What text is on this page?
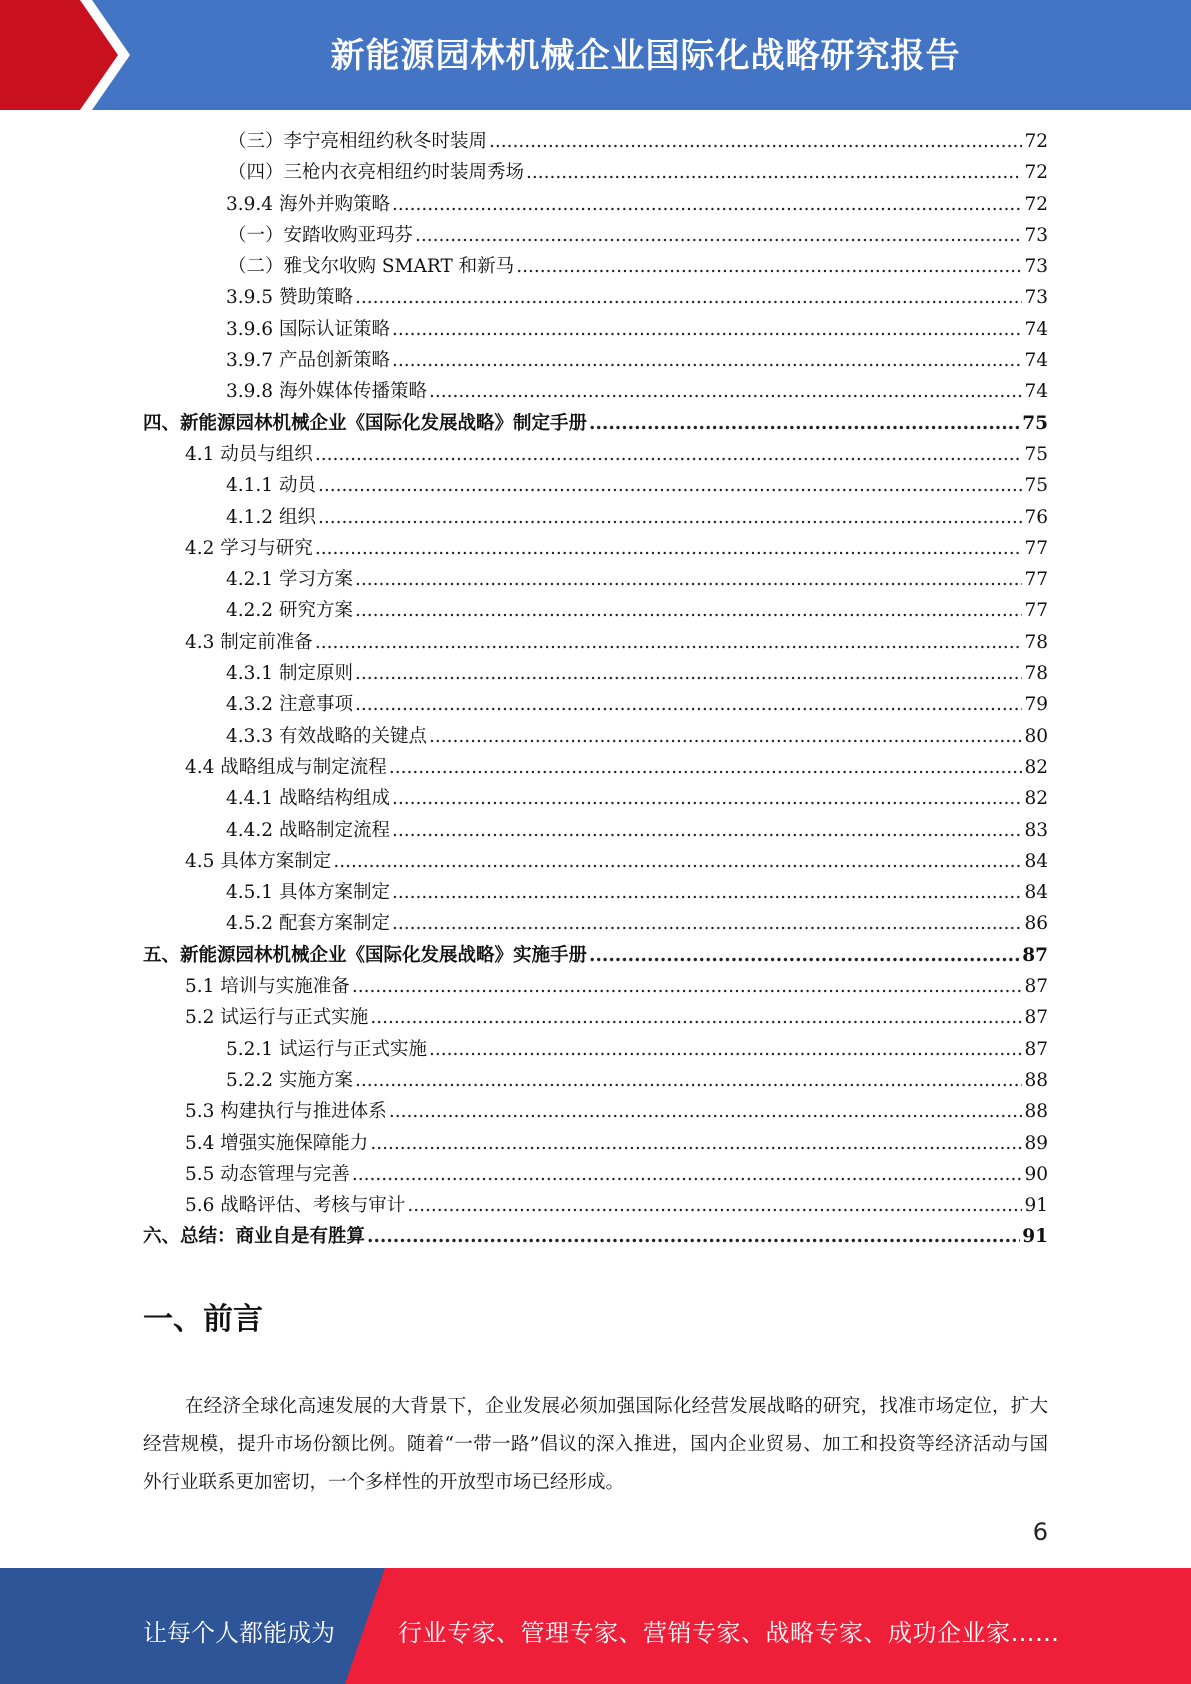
新能源园林机械企业国际化战略研究报告
（三）李宁亮相纽约秋冬时装周 .....	72
（四）三枪内衣亮相纽约时装周秀场 .....	72
3.9.4 海外并购策略 .....	72
（一）安踏收购亚玛芬 .....	73
（二）雅戈尔收购 SMART 和新马 .....	73
3.9.5 赞助策略 .....	73
3.9.6 国际认证策略 .....	74
3.9.7 产品创新策略 .....	74
3.9.8 海外媒体传播策略 .....	74
四、新能源园林机械企业《国际化发展战略》制定手册 .....	75
4.1 动员与组织 .....	75
4.1.1 动员 .....	75
4.1.2 组织 .....	76
4.2 学习与研究 .....	77
4.2.1 学习方案 .....	77
4.2.2 研究方案 .....	77
4.3 制定前准备 .....	78
4.3.1 制定原则 .....	78
4.3.2 注意事项 .....	79
4.3.3 有效战略的关键点 .....	80
4.4 战略组成与制定流程 .....	82
4.4.1 战略结构组成 .....	82
4.4.2 战略制定流程 .....	83
4.5 具体方案制定 .....	84
4.5.1 具体方案制定 .....	84
4.5.2 配套方案制定 .....	86
五、新能源园林机械企业《国际化发展战略》实施手册 .....	87
5.1 培训与实施准备 .....	87
5.2 试运行与正式实施 .....	87
5.2.1 试运行与正式实施 .....	87
5.2.2 实施方案 .....	88
5.3 构建执行与推进体系 .....	88
5.4 增强实施保障能力 .....	89
5.5 动态管理与完善 .....	90
5.6 战略评估、考核与审计 .....	91
六、总结：商业自是有胜算 .....	91
一、前言

在经济全球化高速发展的大背景下，企业发展必须加强国际化经营发展战略的研究，找准市场定位，扩大经营规模，提升市场份额比例。随着“一带一路”倡议的深入推进，国内企业贸易、加工和投资等经济活动与国外行业联系更加密切，一个多样性的开放型市场已经形成。

6
让每个人都能成为	行业专家、管理专家、营销专家、战略专家、成功企业家……
